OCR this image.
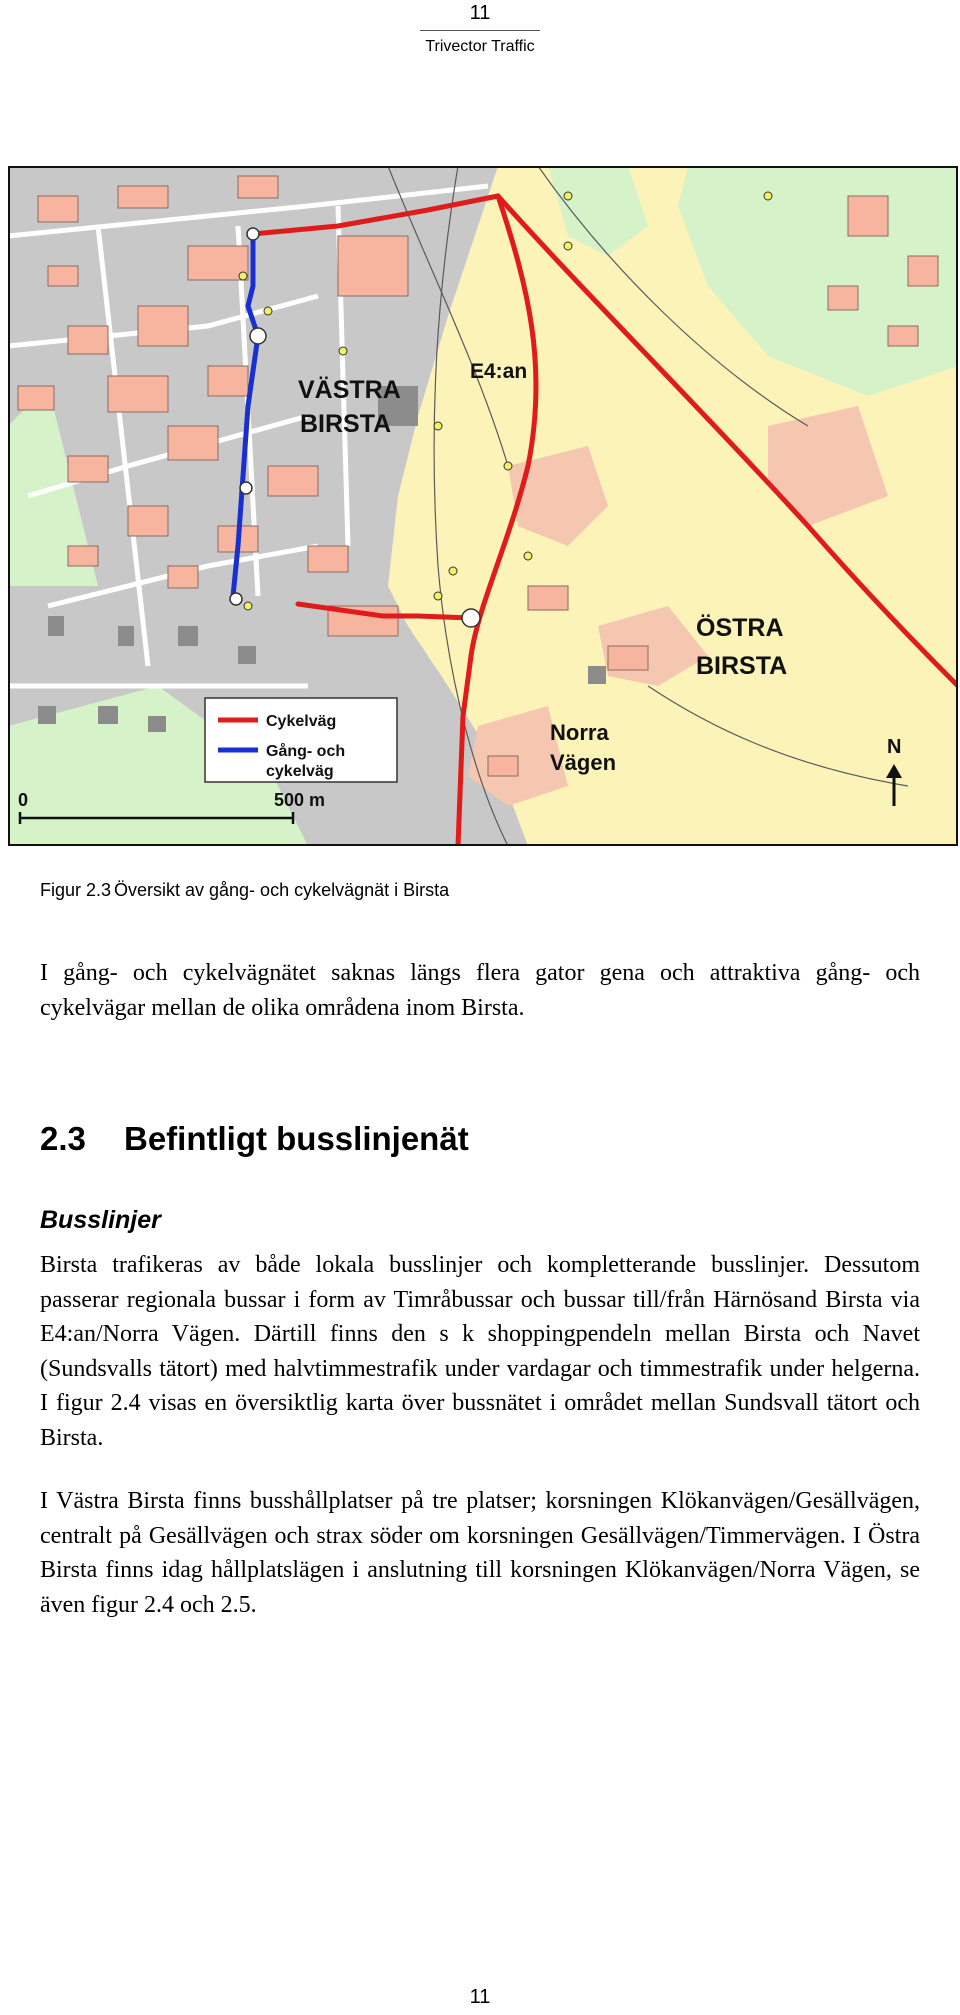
11
Trivector Traffic
VÄSTRA
BIRSTA
E4:an
ÖSTRA
BIRSTA
Norra
Vägen
Cykelväg
Gång- och
cykelväg
0	500 m
N
Figur 2.3 Översikt av gång- och cykelvägnät i Birsta

I gång- och cykelvägnätet saknas längs flera gator gena och attraktiva gång- och cykelvägar mellan de olika områdena inom Birsta.

2.3 Befintligt busslinjenät
Busslinjer

Birsta trafikeras av både lokala busslinjer och kompletterande busslinjer. Dessutom passerar regionala bussar i form av Timråbussar och bussar till/från Härnösand Birsta via E4:an/Norra Vägen. Därtill finns den s k shoppingpendeln mellan Birsta och Navet (Sundsvalls tätort) med halvtimmestrafik under vardagar och timmestrafik under helgerna. I figur 2.4 visas en översiktlig karta över bussnätet i området mellan Sundsvall tätort och Birsta.

I Västra Birsta finns busshållplatser på tre platser; korsningen Klökanvägen/Gesällvägen, centralt på Gesällvägen och strax söder om korsningen Gesällvägen/Timmervägen. I Östra Birsta finns idag hållplatslägen i anslutning till korsningen Klökanvägen/Norra Vägen, se även figur 2.4 och 2.5.

11
